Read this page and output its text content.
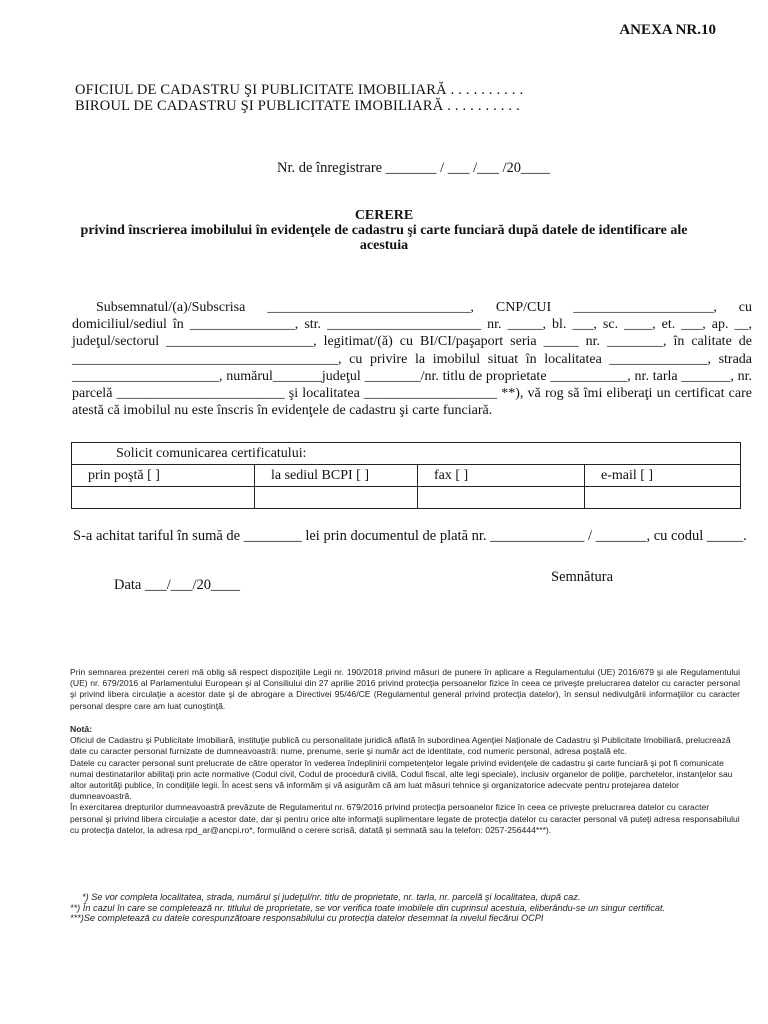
ANEXA NR.10
OFICIUL DE CADASTRU ŞI PUBLICITATE IMOBILIARĂ . . . . . . . . . .
BIROUL DE CADASTRU ŞI PUBLICITATE IMOBILIARĂ . . . . . . . . . .
Nr. de înregistrare _______ / ___ /___ /20____
CERERE
privind înscrierea imobilului în evidenţele de cadastru şi carte funciară după datele de identificare ale acestuia
Subsemnatul/(a)/Subscrisa _____________________________, CNP/CUI ____________________, cu domiciliul/sediul în _______________, str. ______________________ nr. _____, bl. ___, sc. ____, et. ___, ap. __, judeţul/sectorul _____________________, legitimat/(ă) cu BI/CI/paşaport seria _____ nr. ________, în calitate de ______________________________________, cu privire la imobilul situat în localitatea ______________, strada _____________________, numărul_______judeţul ________/nr. titlu de proprietate ___________, nr. tarla _______, nr. parcelă ________________________ şi localitatea ___________________ **), vă rog să îmi eliberaţi un certificat care atestă că imobilul nu este înscris în evidenţele de cadastru şi carte funciară.
Solicit comunicarea certificatului:			
prin poştă [ ]	la sediul BCPI [ ]	fax [ ]	e-mail [ ]

S-a achitat tariful în sumă de ________ lei prin documentul de plată nr. _____________ / _______, cu codul _____.
Data ___/___/20____	Semnătura
Prin semnarea prezentei cereri mă oblig să respect dispoziţiile Legii nr. 190/2018 privind măsuri de punere în aplicare a Regulamentului (UE) 2016/679 şi ale Regulamentului (UE) nr. 679/2016 al Parlamentului European şi al Consiliului din 27 aprilie 2016 privind protecţia persoanelor fizice în ceea ce priveşte prelucrarea datelor cu caracter personal şi privind libera circulaţie a acestor date şi de abrogare a Directivei 95/46/CE (Regulamentul general privind protecţia datelor), în sensul nedivulgării informaţiilor cu caracter personal despre care am luat cunoştinţă.

Notă:

Oficiul de Cadastru şi Publicitate Imobiliară, instituţie publică cu personalitate juridică aflată în subordinea Agenţiei Naţionale de Cadastru şi Publicitate Imobiliară, prelucrează date cu caracter personal furnizate de dumneavoastră: nume, prenume, serie şi număr act de identitate, cod numeric personal, adresa poştală etc.

Datele cu caracter personal sunt prelucrate de către operator în vederea îndeplinirii competenţelor legale privind evidenţele de cadastru şi carte funciară şi pot fi comunicate numai destinatarilor abilitaţi prin acte normative (Codul civil, Codul de procedură civilă, Codul fiscal, alte legi speciale), inclusiv organelor de poliţie, parchetelor, instanţelor sau altor autorităţi publice, în condiţiile legii. În acest sens vă informăm şi vă asigurăm că am luat măsuri tehnice şi organizatorice adecvate pentru protejarea datelor dumneavoastră.

În exercitarea drepturilor dumneavoastră prevăzute de Regulamentul nr. 679/2016 privind protecţia persoanelor fizice în ceea ce priveşte prelucrarea datelor cu caracter personal şi privind libera circulaţie a acestor date, dar şi pentru orice alte informaţii suplimentare legate de protecţia datelor cu caracter personal vă puteţi adresa responsabilului cu protecţia datelor, la adresa rpd_ar@ancpi.ro*, formulând o cerere scrisă, datată şi semnată sau la telefon: 0257-256444***).

*) Se vor completa localitatea, strada, numărul şi judeţul/nr. titlu de proprietate, nr. tarla, nr. parcelă şi localitatea, după caz.

**) În cazul în care se completează nr. titlului de proprietate, se vor verifica toate imobilele din cuprinsul acestuia, eliberându-se un singur certificat.

***)Se completează cu datele corespunzătoare responsabilului cu protecţia datelor desemnat la nivelul fiecărui OCPI
